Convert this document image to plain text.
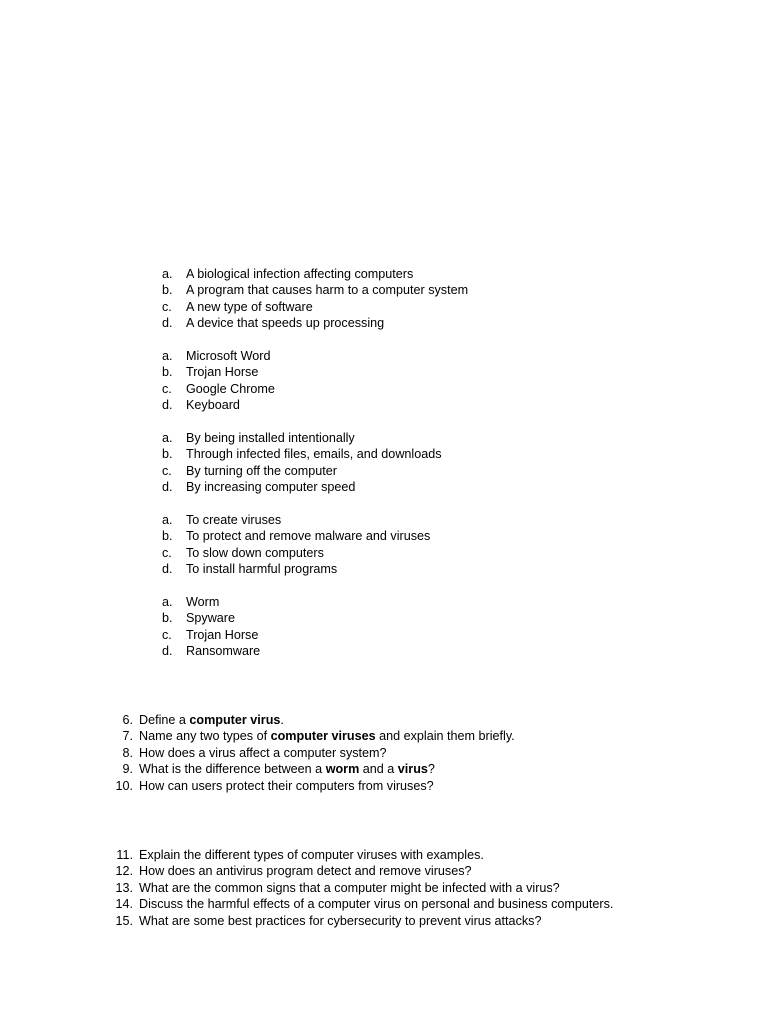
a. A biological infection affecting computers
b. A program that causes harm to a computer system
c. A new type of software
d. A device that speeds up processing
a. Microsoft Word
b. Trojan Horse
c. Google Chrome
d. Keyboard
a. By being installed intentionally
b. Through infected files, emails, and downloads
c. By turning off the computer
d. By increasing computer speed
a. To create viruses
b. To protect and remove malware and viruses
c. To slow down computers
d. To install harmful programs
a. Worm
b. Spyware
c. Trojan Horse
d. Ransomware
6. Define a computer virus.
7. Name any two types of computer viruses and explain them briefly.
8. How does a virus affect a computer system?
9. What is the difference between a worm and a virus?
10. How can users protect their computers from viruses?
11. Explain the different types of computer viruses with examples.
12. How does an antivirus program detect and remove viruses?
13. What are the common signs that a computer might be infected with a virus?
14. Discuss the harmful effects of a computer virus on personal and business computers.
15. What are some best practices for cybersecurity to prevent virus attacks?
